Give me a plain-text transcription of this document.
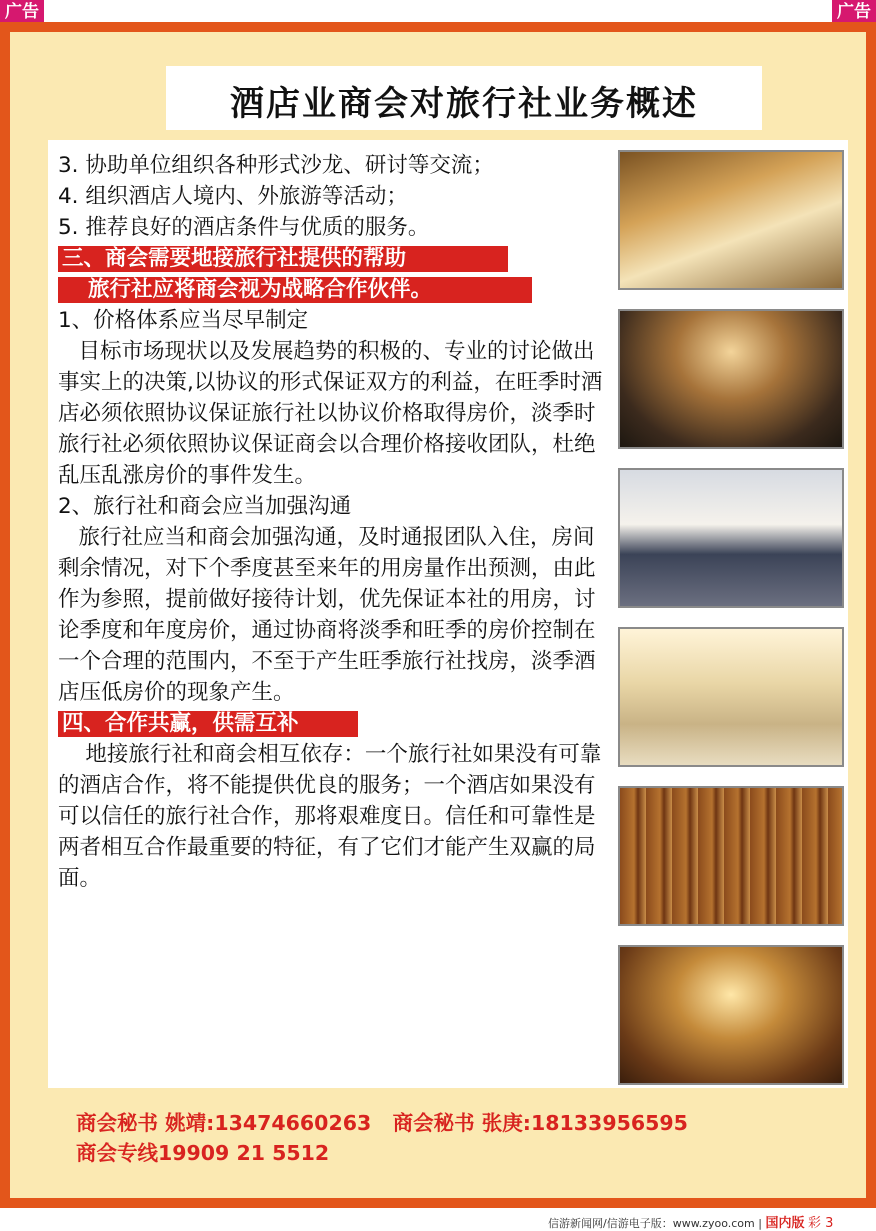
广告	广告
酒店业商会对旅行社业务概述

3. 协助单位组织各种形式沙龙、研讨等交流；

4. 组织酒店人境内、外旅游等活动；

5. 推荐良好的酒店条件与优质的服务。

三、商会需要地接旅行社提供的帮助 旅行社应将商会视为战略合作伙伴。

1、价格体系应当尽早制定

目标市场现状以及发展趋势的积极的、专业的讨论做出事实上的决策,以协议的形式保证双方的利益，在旺季时酒店必须依照协议保证旅行社以协议价格取得房价，淡季时旅行社必须依照协议保证商会以合理价格接收团队，杜绝乱压乱涨房价的事件发生。

2、旅行社和商会应当加强沟通

旅行社应当和商会加强沟通，及时通报团队入住，房间剩余情况，对下个季度甚至来年的用房量作出预测，由此作为参照，提前做好接待计划，优先保证本社的用房，讨论季度和年度房价，通过协商将淡季和旺季的房价控制在一个合理的范围内，不至于产生旺季旅行社找房，淡季酒店压低房价的现象产生。

四、合作共赢，供需互补

地接旅行社和商会相互依存：一个旅行社如果没有可靠的酒店合作，将不能提供优良的服务；一个酒店如果没有可以信任的旅行社合作，那将艰难度日。信任和可靠性是两者相互合作最重要的特征，有了它们才能产生双赢的局面。

商会秘书 姚靖:13474660263 商会秘书 张庚:18133956595
商会专线19909 21 5512
信游新闻网/信游电子版：www.zyoo.com | 国内版 彩 3
